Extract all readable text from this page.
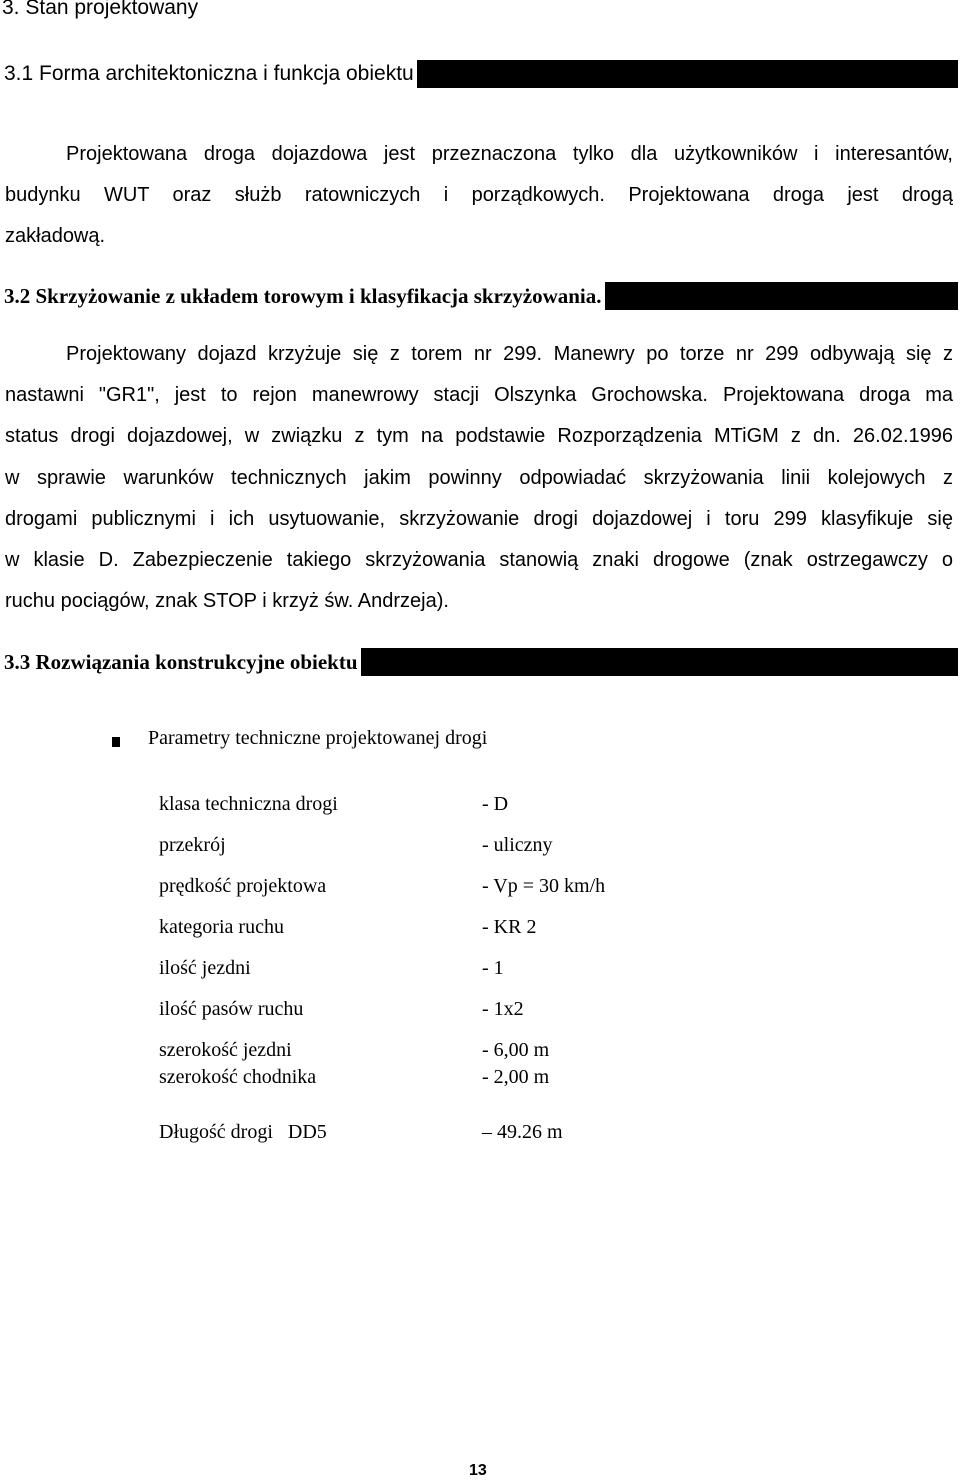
3. Stan projektowany
3.1 Forma architektoniczna i funkcja obiektu
Projektowana droga dojazdowa jest przeznaczona tylko dla użytkowników i interesantów,
budynku WUT oraz służb ratowniczych i porządkowych. Projektowana droga jest drogą
zakładową.
3.2 Skrzyżowanie z układem torowym i klasyfikacja skrzyżowania.
Projektowany dojazd krzyżuje się z torem nr 299. Manewry po torze nr 299 odbywają się z
nastawni "GR1", jest to rejon manewrowy stacji Olszynka Grochowska. Projektowana droga ma
status drogi dojazdowej, w związku z tym na podstawie Rozporządzenia MTiGM z dn. 26.02.1996
w sprawie warunków technicznych jakim powinny odpowiadać skrzyżowania linii kolejowych z
drogami publicznymi i ich usytuowanie, skrzyżowanie drogi dojazdowej i toru 299 klasyfikuje się
w klasie D. Zabezpieczenie takiego skrzyżowania stanowią znaki drogowe (znak ostrzegawczy o
ruchu pociągów, znak STOP i krzyż św. Andrzeja).
3.3 Rozwiązania konstrukcyjne obiektu
Parametry techniczne projektowanej drogi
klasa techniczna drogi	- D
przekrój	- uliczny
prędkość projektowa	- Vp = 30 km/h
kategoria ruchu	- KR 2
ilość jezdni	- 1
ilość pasów ruchu	- 1x2
szerokość jezdni	- 6,00 m
szerokość chodnika	- 2,00 m
Długość drogi   DD5	– 49.26 m
13
